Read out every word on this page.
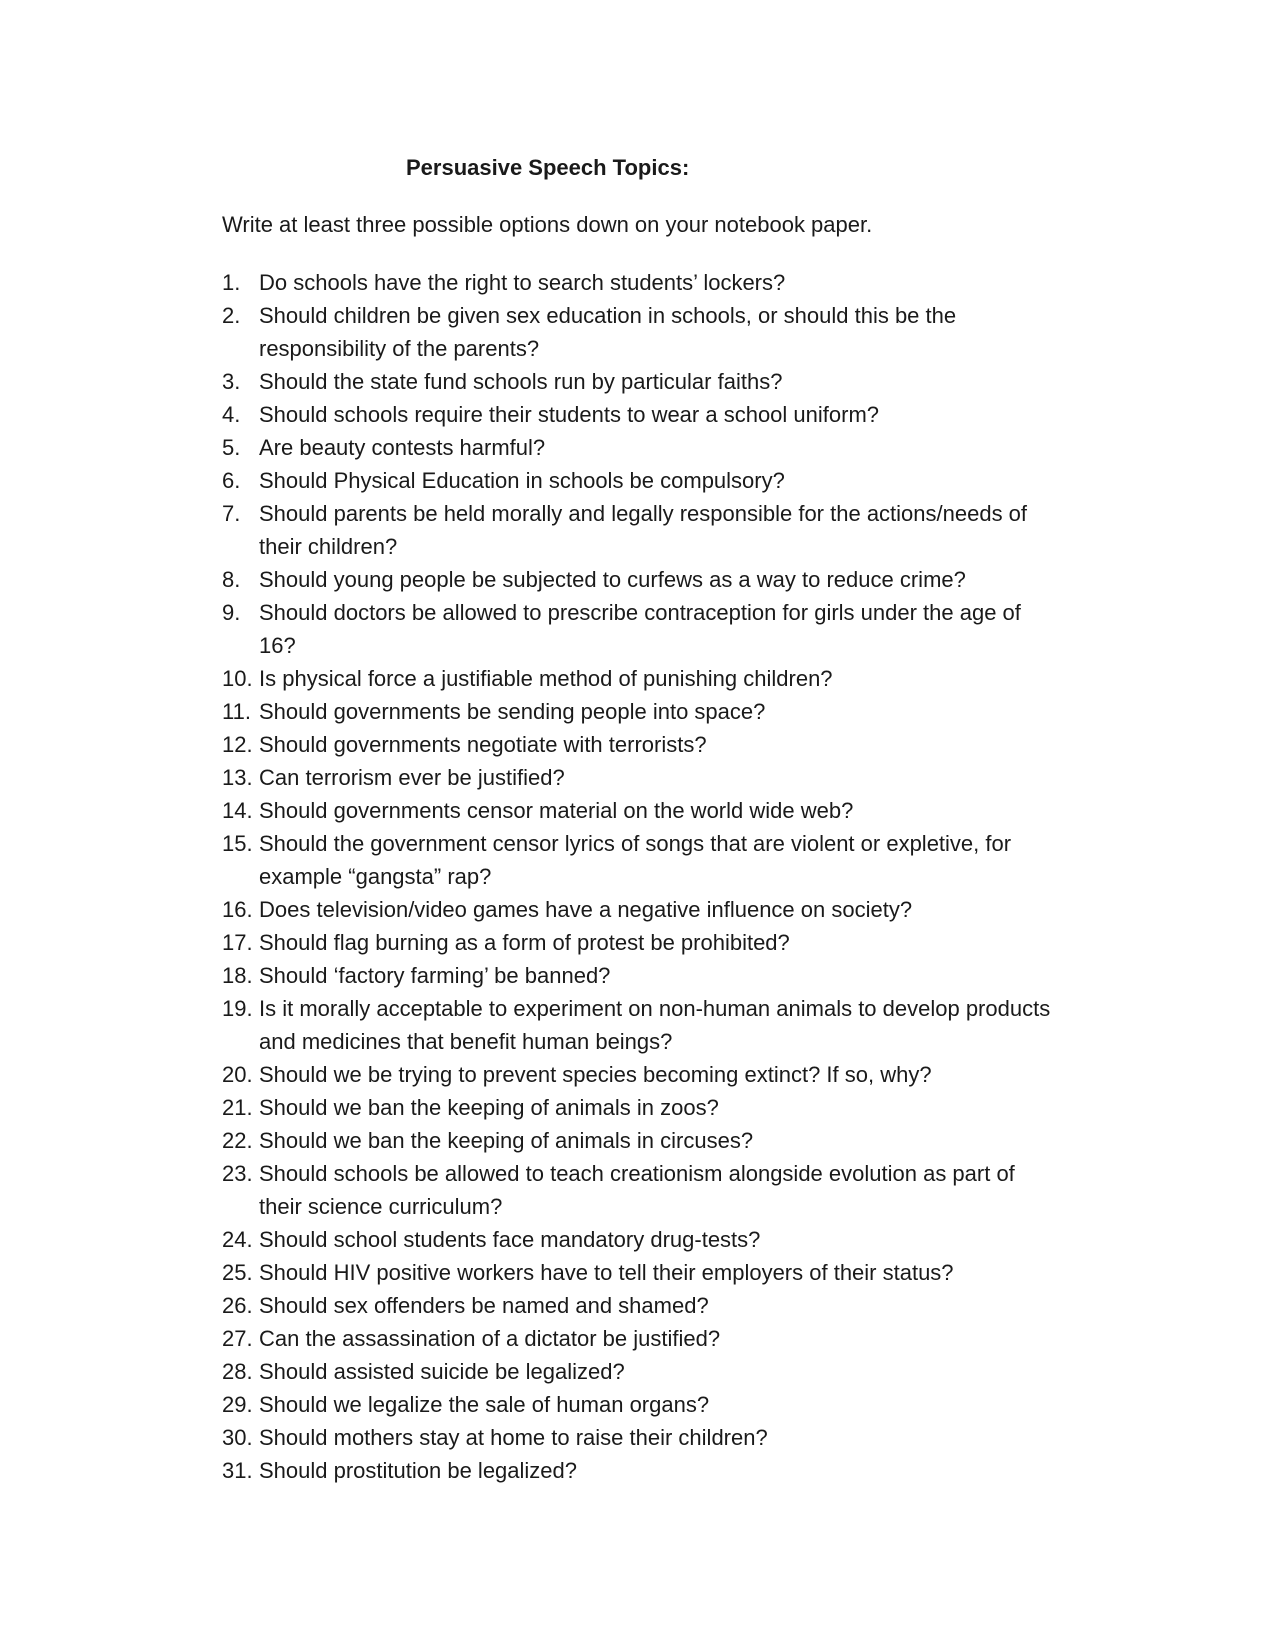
Persuasive Speech Topics:
Write at least three possible options down on your notebook paper.
1. Do schools have the right to search students’ lockers?
2. Should children be given sex education in schools, or should this be the
responsibility of the parents?
3. Should the state fund schools run by particular faiths?
4. Should schools require their students to wear a school uniform?
5. Are beauty contests harmful?
6. Should Physical Education in schools be compulsory?
7. Should parents be held morally and legally responsible for the actions/needs of
their children?
8. Should young people be subjected to curfews as a way to reduce crime?
9. Should doctors be allowed to prescribe contraception for girls under the age of
16?
10. Is physical force a justifiable method of punishing children?
11. Should governments be sending people into space?
12. Should governments negotiate with terrorists?
13. Can terrorism ever be justified?
14. Should governments censor material on the world wide web?
15. Should the government censor lyrics of songs that are violent or expletive, for
example “gangsta” rap?
16. Does television/video games have a negative influence on society?
17. Should flag burning as a form of protest be prohibited?
18. Should ‘factory farming’ be banned?
19. Is it morally acceptable to experiment on non-human animals to develop products
and medicines that benefit human beings?
20. Should we be trying to prevent species becoming extinct? If so, why?
21. Should we ban the keeping of animals in zoos?
22. Should we ban the keeping of animals in circuses?
23. Should schools be allowed to teach creationism alongside evolution as part of
their science curriculum?
24. Should school students face mandatory drug-tests?
25. Should HIV positive workers have to tell their employers of their status?
26. Should sex offenders be named and shamed?
27. Can the assassination of a dictator be justified?
28. Should assisted suicide be legalized?
29. Should we legalize the sale of human organs?
30. Should mothers stay at home to raise their children?
31. Should prostitution be legalized?
